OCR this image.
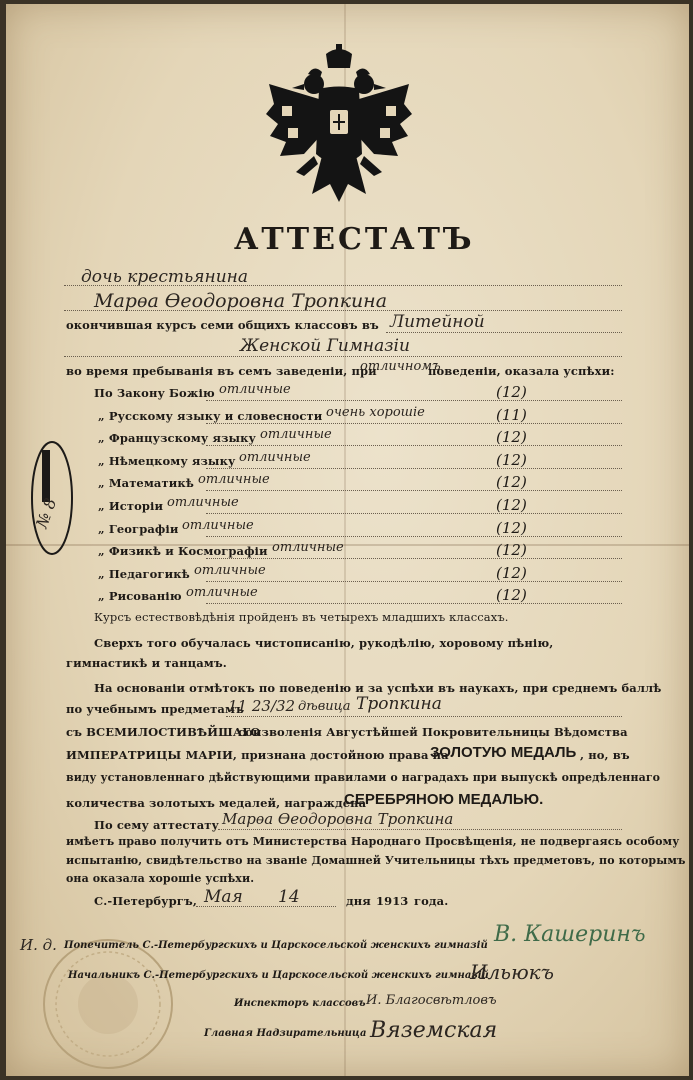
АТТЕСТАТЪ
дочь крестьянина
Марѳа Ѳеодоровна Тропкина
окончившая курсъ семи общихъ классовъ въ Литейной
Женской Гимназіи
во время пребыванія въ семъ заведеніи, при
отличномъ
поведеніи, оказала успѣхи:
Курсъ естествовѣдѣнія пройденъ въ четырехъ младшихъ классахъ.
Сверхъ того обучалась чистописанію, рукодѣлію, хоровому пѣнію,
гимнастикѣ и танцамъ.
На основаніи отмѣтокъ по поведенію и за успѣхи въ наукахъ, при среднемъ баллѣ
по учебнымъ предметамъ
11 23/32 дѣвица Тропкина
съ ВСЕМИЛОСТИВѢЙШАГО
соизволенія Августѣйшей Покровительницы Вѣдомства
ИМПЕРАТРИЦЫ МАРІИ, признана достойною права на
ЗОЛОТУЮ МЕДАЛЬ , но, въ
виду установленнаго дѣйствующими правилами о наградахъ при выпускѣ опредѣленнаго
количества золотыхъ медалей, награждена
СЕРЕБРЯНОЮ МЕДАЛЬЮ.
По сему аттестату Марѳа Ѳеодоровна Тропкина
имѣетъ право получить отъ Министерства Народнаго Просвѣщенія, не подвергаясь особому
испытанію, свидѣтельство на званіе Домашней Учительницы тѣхъ предметовъ, по которымъ
она оказала хорошіе успѣхи.
С.-Петербургъ, Мая 14	дня 1913 года.
И. д. Попечитель С.-Петербургскихъ и Царскосельской женскихъ гимназій В. Кашеринъ
Начальникъ С.-Петербургскихъ и Царскосельской женскихъ гимназій
Ильюкъ
Инспекторъ классовъ И. Благосвѣтловъ
Главная Надзирательница Вяземская
№ 8
По Закону Божію отличные	(12)
„ Русскому языку и словесности очень хорошіе	(11)
„ Французскому языку отличные	(12)
„ Нѣмецкому языку отличные	(12)
„ Математикѣ отличные	(12)
„ Исторіи отличные	(12)
„ Географіи отличные	(12)
„ Физикѣ и Космографіи отличные	(12)
„ Педагогикѣ отличные	(12)
„ Рисованію отличные	(12)
